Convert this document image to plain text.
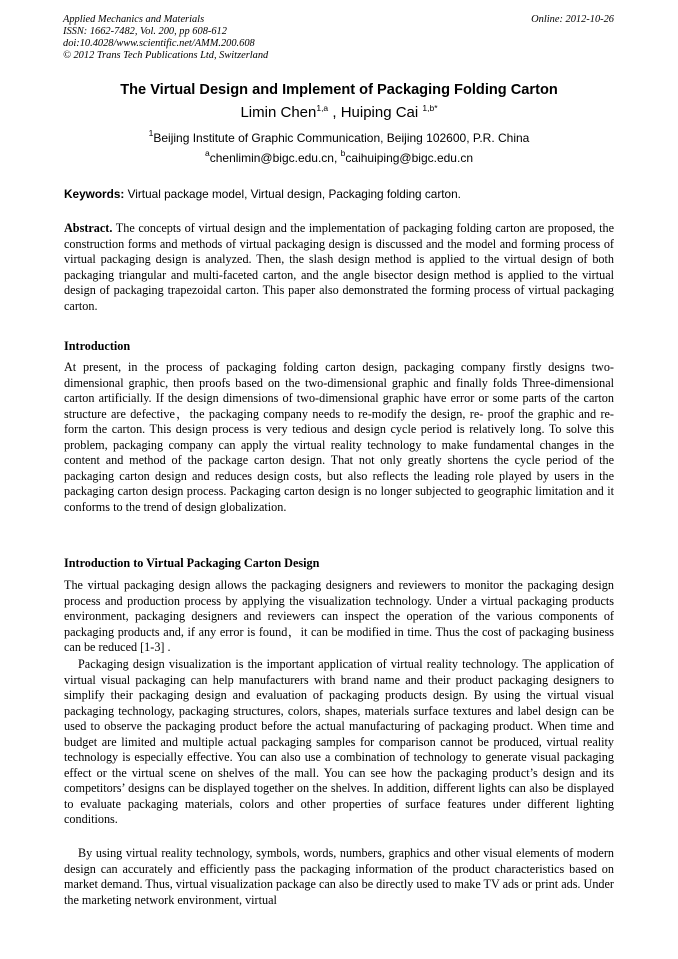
Applied Mechanics and Materials
ISSN: 1662-7482, Vol. 200, pp 608-612
doi:10.4028/www.scientific.net/AMM.200.608
© 2012 Trans Tech Publications Ltd, Switzerland
Online: 2012-10-26
The Virtual Design and Implement of Packaging Folding Carton
Limin Chen$^{1,a}$ , Huiping Cai $^{1,b*}$
$^1$Beijing Institute of Graphic Communication, Beijing 102600, P.R. China
$^a$chenlimin@bigc.edu.cn, $^b$caihuiping@bigc.edu.cn
Keywords: Virtual package model, Virtual design, Packaging folding carton.
Abstract. The concepts of virtual design and the implementation of packaging folding carton are proposed, the construction forms and methods of virtual packaging design is discussed and the model and forming process of virtual packaging design is analyzed. Then, the slash design method is applied to the virtual design of both packaging triangular and multi-faceted carton, and the angle bisector design method is applied to the virtual design of packaging trapezoidal carton. This paper also demonstrated the forming process of virtual packaging carton.
Introduction
At present, in the process of packaging folding carton design, packaging company firstly designs two-dimensional graphic, then proofs based on the two-dimensional graphic and finally folds Three-dimensional carton artificially. If the design dimensions of two-dimensional graphic have error or some parts of the carton structure are defective，the packaging company needs to re-modify the design, re- proof the graphic and re-form the carton. This design process is very tedious and design cycle period is relatively long. To solve this problem, packaging company can apply the virtual reality technology to make fundamental changes in the content and method of the package carton design. That not only greatly shortens the cycle period of the packaging carton design and reduces design costs, but also reflects the leading role played by users in the packaging carton design process. Packaging carton design is no longer subjected to geographic limitation and it conforms to the trend of design globalization.
Introduction to Virtual Packaging Carton Design
The virtual packaging design allows the packaging designers and reviewers to monitor the packaging design process and production process by applying the visualization technology. Under a virtual packaging products environment, packaging designers and reviewers can inspect the operation of the various components of packaging products and, if any error is found，it can be modified in time. Thus the cost of packaging business can be reduced [1-3] .
Packaging design visualization is the important application of virtual reality technology. The application of virtual visual packaging can help manufacturers with brand name and their product packaging designers to simplify their packaging design and evaluation of packaging products design. By using the virtual visual packaging technology, packaging structures, colors, shapes, materials surface textures and label design can be used to observe the packaging product before the actual manufacturing of packaging product. When time and budget are limited and multiple actual packaging samples for comparison cannot be produced, virtual reality technology is especially effective. You can also use a combination of technology to generate visual packaging effect or the virtual scene on shelves of the mall. You can see how the packaging product’s design and its competitors’ designs can be displayed together on the shelves. In addition, different lights can also be displayed to evaluate packaging materials, colors and other properties of surface features under different lighting conditions.
By using virtual reality technology, symbols, words, numbers, graphics and other visual elements of modern design can accurately and efficiently pass the packaging information of the product characteristics based on market demand. Thus, virtual visualization package can also be directly used to make TV ads or print ads. Under the marketing network environment, virtual
